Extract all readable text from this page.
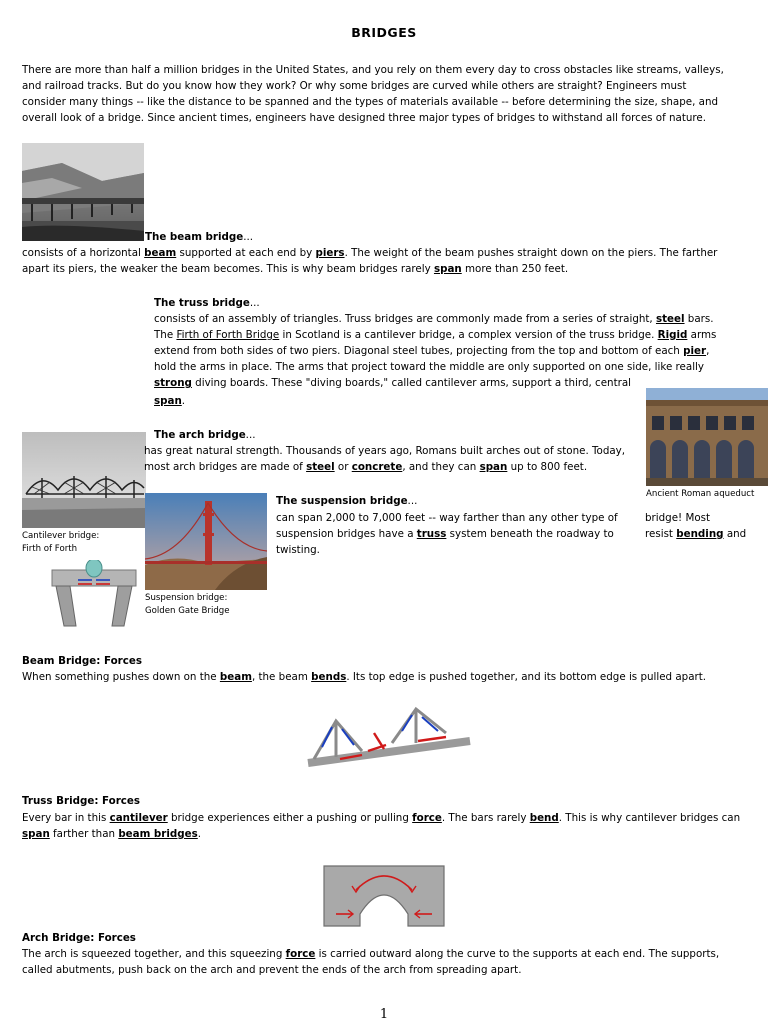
BRIDGES
There are more than half a million bridges in the United States, and you rely on them every day to cross obstacles like streams, valleys,
and railroad tracks. But do you know how they work? Or why some bridges are curved while others are straight? Engineers must
consider many things -- like the distance to be spanned and the types of materials available -- before determining the size, shape, and
overall look of a bridge. Since ancient times, engineers have designed three major types of bridges to withstand all forces of nature.
The beam bridge...
consists of a horizontal beam supported at each end by piers. The weight of the beam pushes straight down on the piers. The farther
apart its piers, the weaker the beam becomes. This is why beam bridges rarely span more than 250 feet.
The truss bridge...
consists of an assembly of triangles. Truss bridges are commonly made from a series of straight, steel bars.
The Firth of Forth Bridge in Scotland is a cantilever bridge, a complex version of the truss bridge. Rigid arms
extend from both sides of two piers. Diagonal steel tubes, projecting from the top and bottom of each pier,
hold the arms in place. The arms that project toward the middle are only supported on one side, like really
strong diving boards. These "diving boards," called cantilever arms, support a third, central
span.
Ancient Roman aqueduct
The arch bridge...
has great natural strength. Thousands of years ago, Romans built arches out of stone. Today,
most arch bridges are made of steel or concrete, and they can span up to 800 feet.
The suspension bridge...
can span 2,000 to 7,000 feet -- way farther than any other type of	bridge! Most
suspension bridges have a truss system beneath the roadway to	resist bending and
twisting.
Cantilever bridge:
Firth of Forth
Suspension bridge:
Golden Gate Bridge
Beam Bridge: Forces
When something pushes down on the beam, the beam bends. Its top edge is pushed together, and its bottom edge is pulled apart.
Truss Bridge: Forces
Every bar in this cantilever bridge experiences either a pushing or pulling force. The bars rarely bend. This is why cantilever bridges can
span farther than beam bridges.
Arch Bridge: Forces
The arch is squeezed together, and this squeezing force is carried outward along the curve to the supports at each end. The supports,
called abutments, push back on the arch and prevent the ends of the arch from spreading apart.
1
